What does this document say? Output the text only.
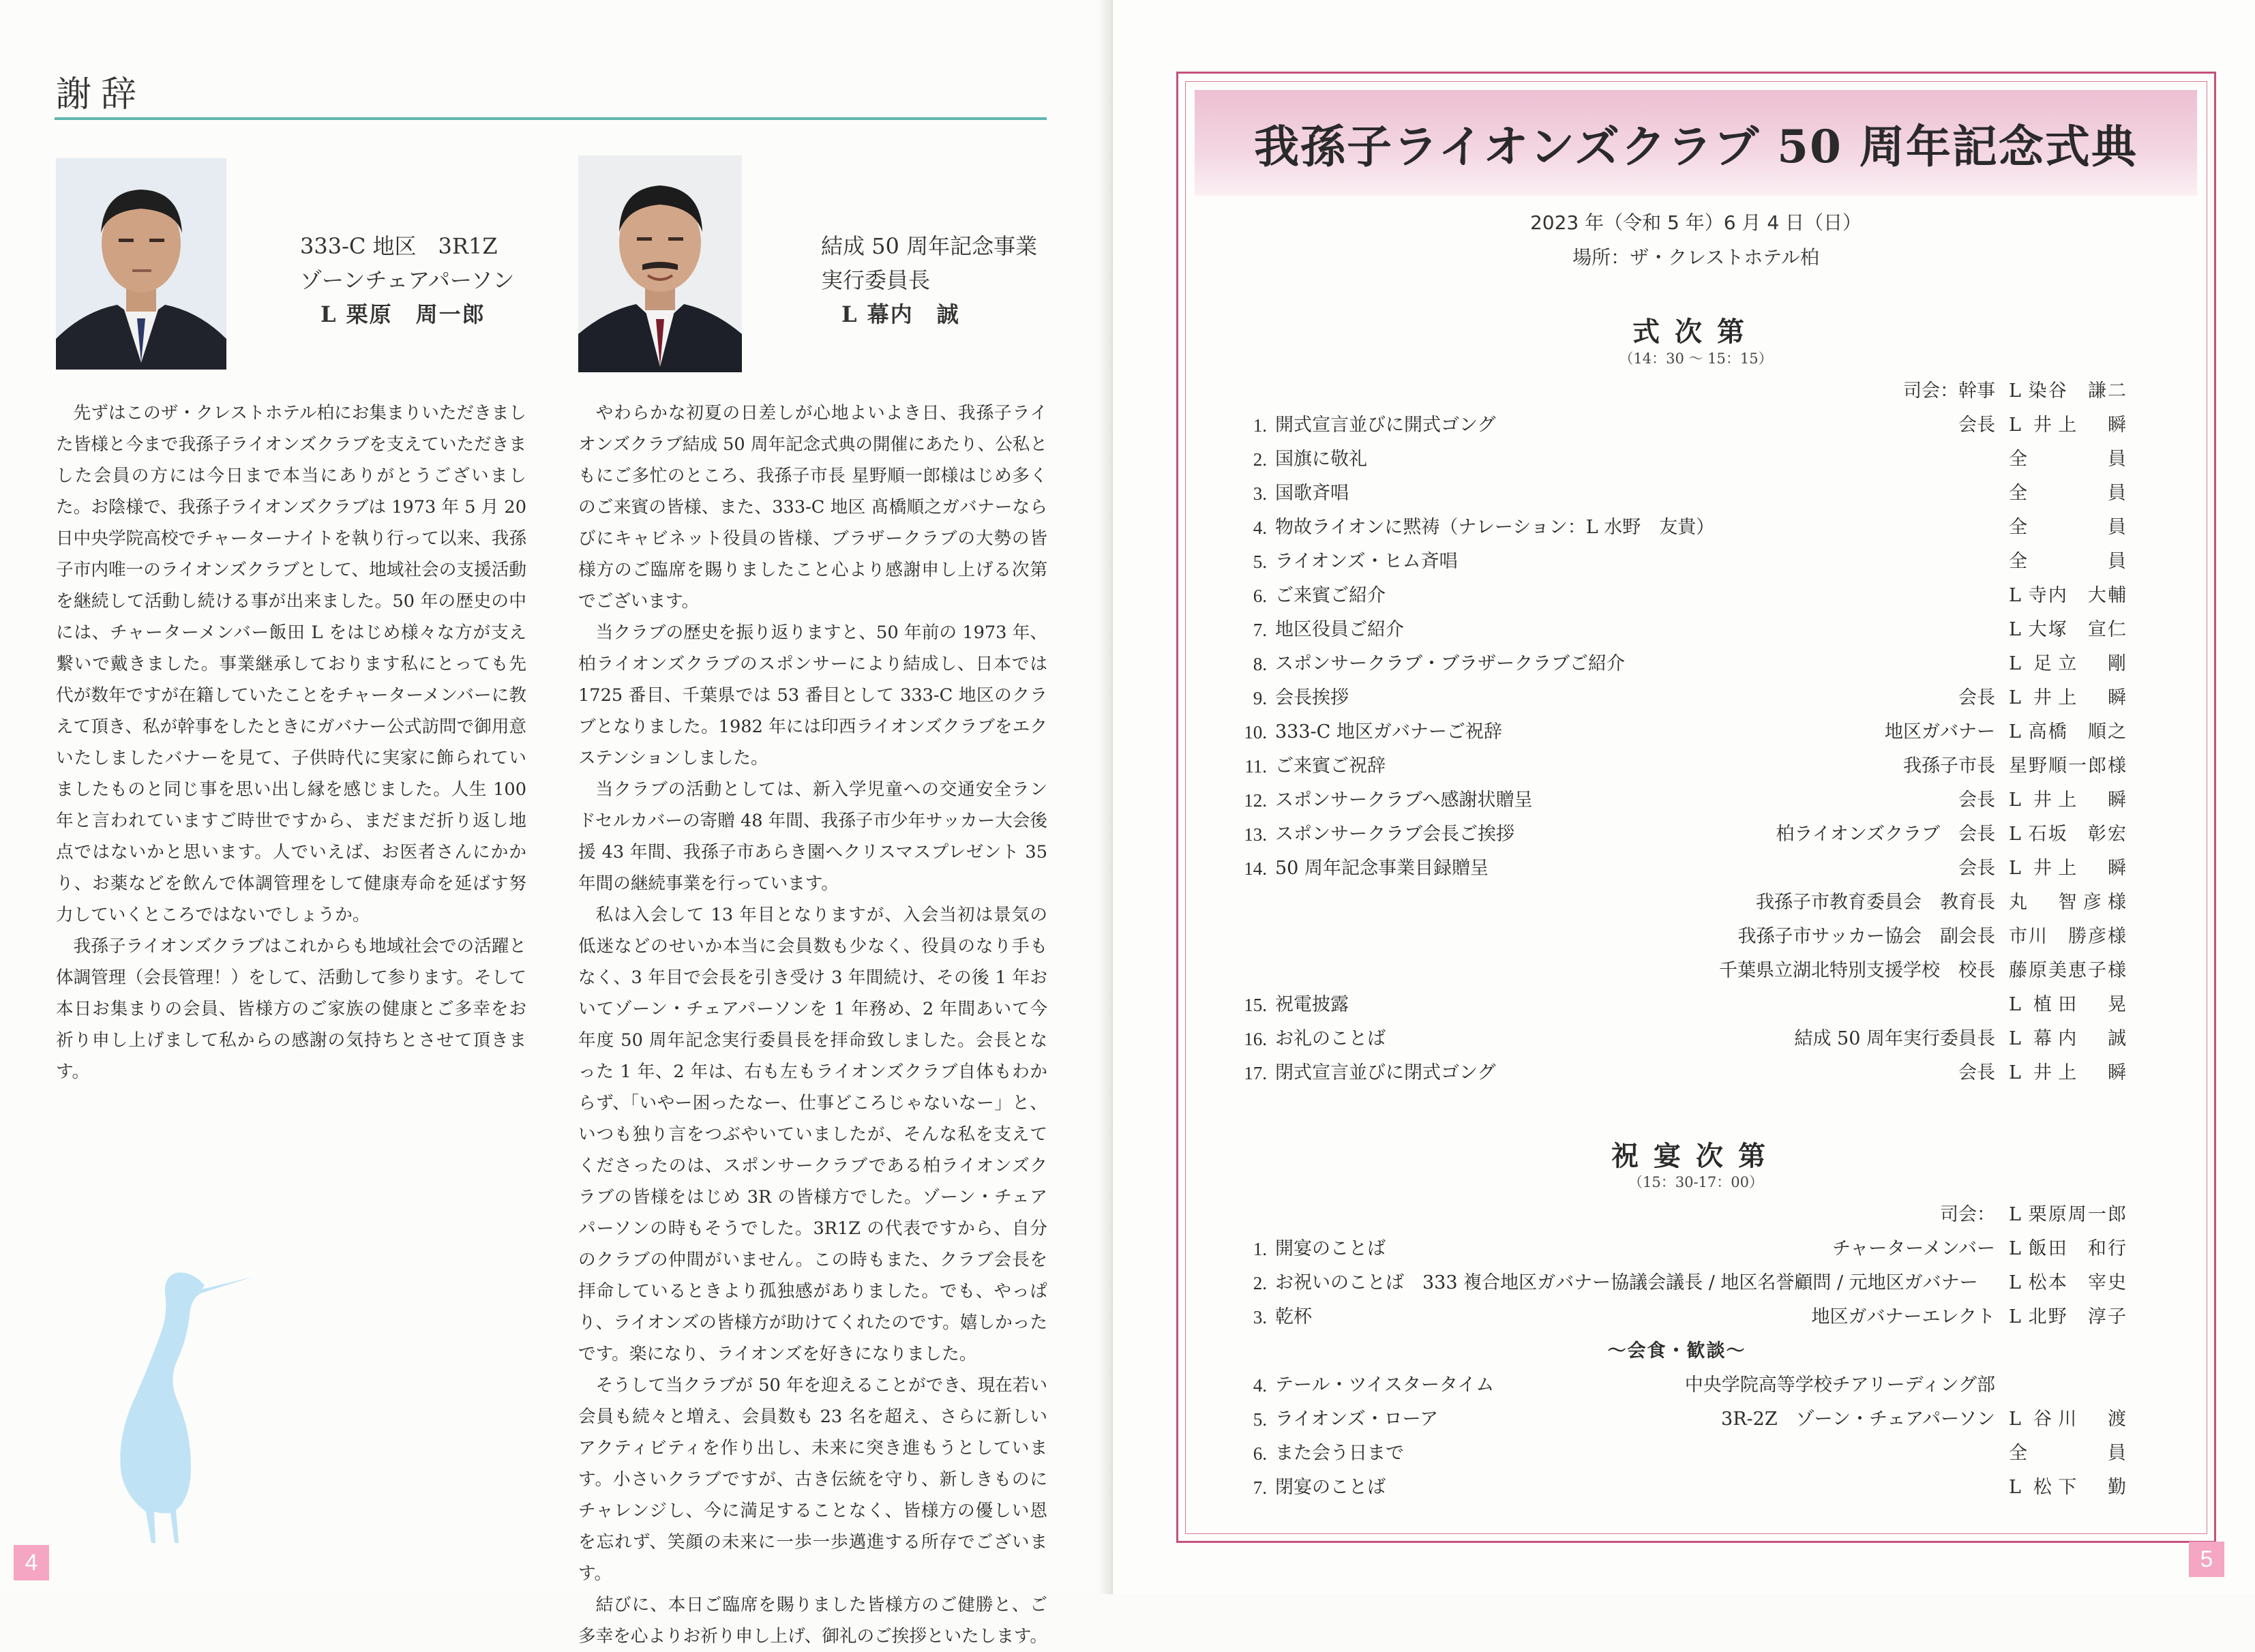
謝辞
333-C 地区　3R1Z
ゾーンチェアパーソン
L 栗原　周一郎
結成 50 周年記念事業
実行委員長
L 幕内　誠

先ずはこのザ・クレストホテル柏にお集まりいただきました皆様と今まで我孫子ライオンズクラブを支えていただきました会員の方には今日まで本当にありがとうございました。お陰様で、我孫子ライオンズクラブは 1973 年 5 月 20 日中央学院高校でチャーターナイトを執り行って以来、我孫子市内唯一のライオンズクラブとして、地域社会の支援活動を継続して活動し続ける事が出来ました。50 年の歴史の中には、チャーターメンバー飯田 L をはじめ様々な方が支え繋いで戴きました。事業継承しております私にとっても先代が数年ですが在籍していたことをチャーターメンバーに教えて頂き、私が幹事をしたときにガバナー公式訪問で御用意いたしましたバナーを見て、子供時代に実家に飾られていましたものと同じ事を思い出し縁を感じました。人生 100 年と言われていますご時世ですから、まだまだ折り返し地点ではないかと思います。人でいえば、お医者さんにかかり、お薬などを飲んで体調管理をして健康寿命を延ばす努力していくところではないでしょうか。

我孫子ライオンズクラブはこれからも地域社会での活躍と体調管理（会長管理！）をして、活動して参ります。そして本日お集まりの会員、皆様方のご家族の健康とご多幸をお祈り申し上げまして私からの感謝の気持ちとさせて頂きます。

やわらかな初夏の日差しが心地よいよき日、我孫子ライオンズクラブ結成 50 周年記念式典の開催にあたり、公私ともにご多忙のところ、我孫子市長 星野順一郎様はじめ多くのご来賓の皆様、また、333-C 地区 髙橋順之ガバナーならびにキャビネット役員の皆様、ブラザークラブの大勢の皆様方のご臨席を賜りましたこと心より感謝申し上げる次第でございます。

当クラブの歴史を振り返りますと、50 年前の 1973 年、柏ライオンズクラブのスポンサーにより結成し、日本では 1725 番目、千葉県では 53 番目として 333-C 地区のクラブとなりました。1982 年には印西ライオンズクラブをエクステンションしました。

当クラブの活動としては、新入学児童への交通安全ランドセルカバーの寄贈 48 年間、我孫子市少年サッカー大会後援 43 年間、我孫子市あらき園へクリスマスプレゼント 35 年間の継続事業を行っています。

私は入会して 13 年目となりますが、入会当初は景気の低迷などのせいか本当に会員数も少なく、役員のなり手もなく、3 年目で会長を引き受け 3 年間続け、その後 1 年おいてゾーン・チェアパーソンを 1 年務め、2 年間あいて今年度 50 周年記念実行委員長を拝命致しました。会長となった 1 年、2 年は、右も左もライオンズクラブ自体もわからず、「いやー困ったなー、仕事どころじゃないなー」と、いつも独り言をつぶやいていましたが、そんな私を支えてくださったのは、スポンサークラブである柏ライオンズクラブの皆様をはじめ 3R の皆様方でした。ゾーン・チェアパーソンの時もそうでした。3R1Z の代表ですから、自分のクラブの仲間がいません。この時もまた、クラブ会長を拝命しているときより孤独感がありました。でも、やっぱり、ライオンズの皆様方が助けてくれたのです。嬉しかったです。楽になり、ライオンズを好きになりました。

そうして当クラブが 50 年を迎えることができ、現在若い会員も続々と増え、会員数も 23 名を超え、さらに新しいアクティビティを作り出し、未来に突き進もうとしています。小さいクラブですが、古き伝統を守り、新しきものにチャレンジし、今に満足することなく、皆様方の優しい恩を忘れず、笑顔の未来に一歩一歩邁進する所存でございます。

結びに、本日ご臨席を賜りました皆様方のご健勝と、ご多幸を心よりお祈り申し上げ、御礼のご挨拶といたします。

4
我孫子ライオンズクラブ 50 周年記念式典
2023 年（令和 5 年）6 月 4 日（日）
場所：ザ・クレストホテル柏
式次第
（14：30 ～ 15：15）
司会：幹事 L 染谷　謙二
1. 開式宣言並びに開式ゴング	会長 L 井上　瞬
2. 国旗に敬礼	全　員
3. 国歌斉唱	全　員
4. 物故ライオンに黙祷（ナレーション：L 水野　友貴）	全　員
5. ライオンズ・ヒム斉唱	全　員
6. ご来賓ご紹介	L 寺内　大輔
7. 地区役員ご紹介	L 大塚　宣仁
8. スポンサークラブ・ブラザークラブご紹介	L 足立　剛
9. 会長挨拶	会長 L 井上　瞬
10. 333-C 地区ガバナーご祝辞	地区ガバナー L 高橋　順之
11. ご来賓ご祝辞	我孫子市長 星野順一郎様
12. スポンサークラブへ感謝状贈呈	会長 L 井上　瞬
13. スポンサークラブ会長ご挨拶	柏ライオンズクラブ　会長 L 石坂　彰宏
14. 50 周年記念事業目録贈呈	会長 L 井上　瞬
我孫子市教育委員会　教育長 丸　智彦様
我孫子市サッカー協会　副会長 市川　勝彦様
千葉県立湖北特別支援学校　校長 藤原美恵子様
15. 祝電披露	L 植田　晃
16. お礼のことば	結成 50 周年実行委員長 L 幕内　誠
17. 閉式宣言並びに閉式ゴング	会長 L 井上　瞬
祝宴次第
（15：30-17：00）
司会： L 栗原周一郎
1. 開宴のことば	チャーターメンバー L 飯田　和行
2. お祝いのことば　333 複合地区ガバナー協議会議長 / 地区名誉顧問 / 元地区ガバナー L 松本　宰史
3. 乾杯	地区ガバナーエレクト L 北野　淳子
～会食・歓談～
4. テール・ツイスタータイム	中央学院高等学校チアリーディング部
5. ライオンズ・ローア	3R-2Z　ゾーン・チェアパーソン L 谷川　渡
6. また会う日まで	全　員
7. 閉宴のことば	L 松下　勤
5
